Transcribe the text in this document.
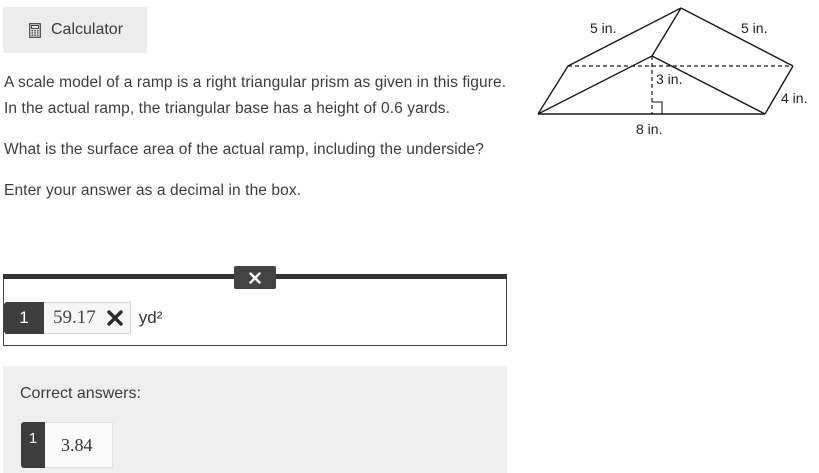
Calculator

A scale model of a ramp is a right triangular prism as given in this figure. In the actual ramp, the triangular base has a height of 0.6 yards.

What is the surface area of the actual ramp, including the underside?

Enter your answer as a decimal in the box.

5 in.	5 in.
3 in.
4 in.
8 in.
1	59.17	yd²
Correct answers:
1	3.84
